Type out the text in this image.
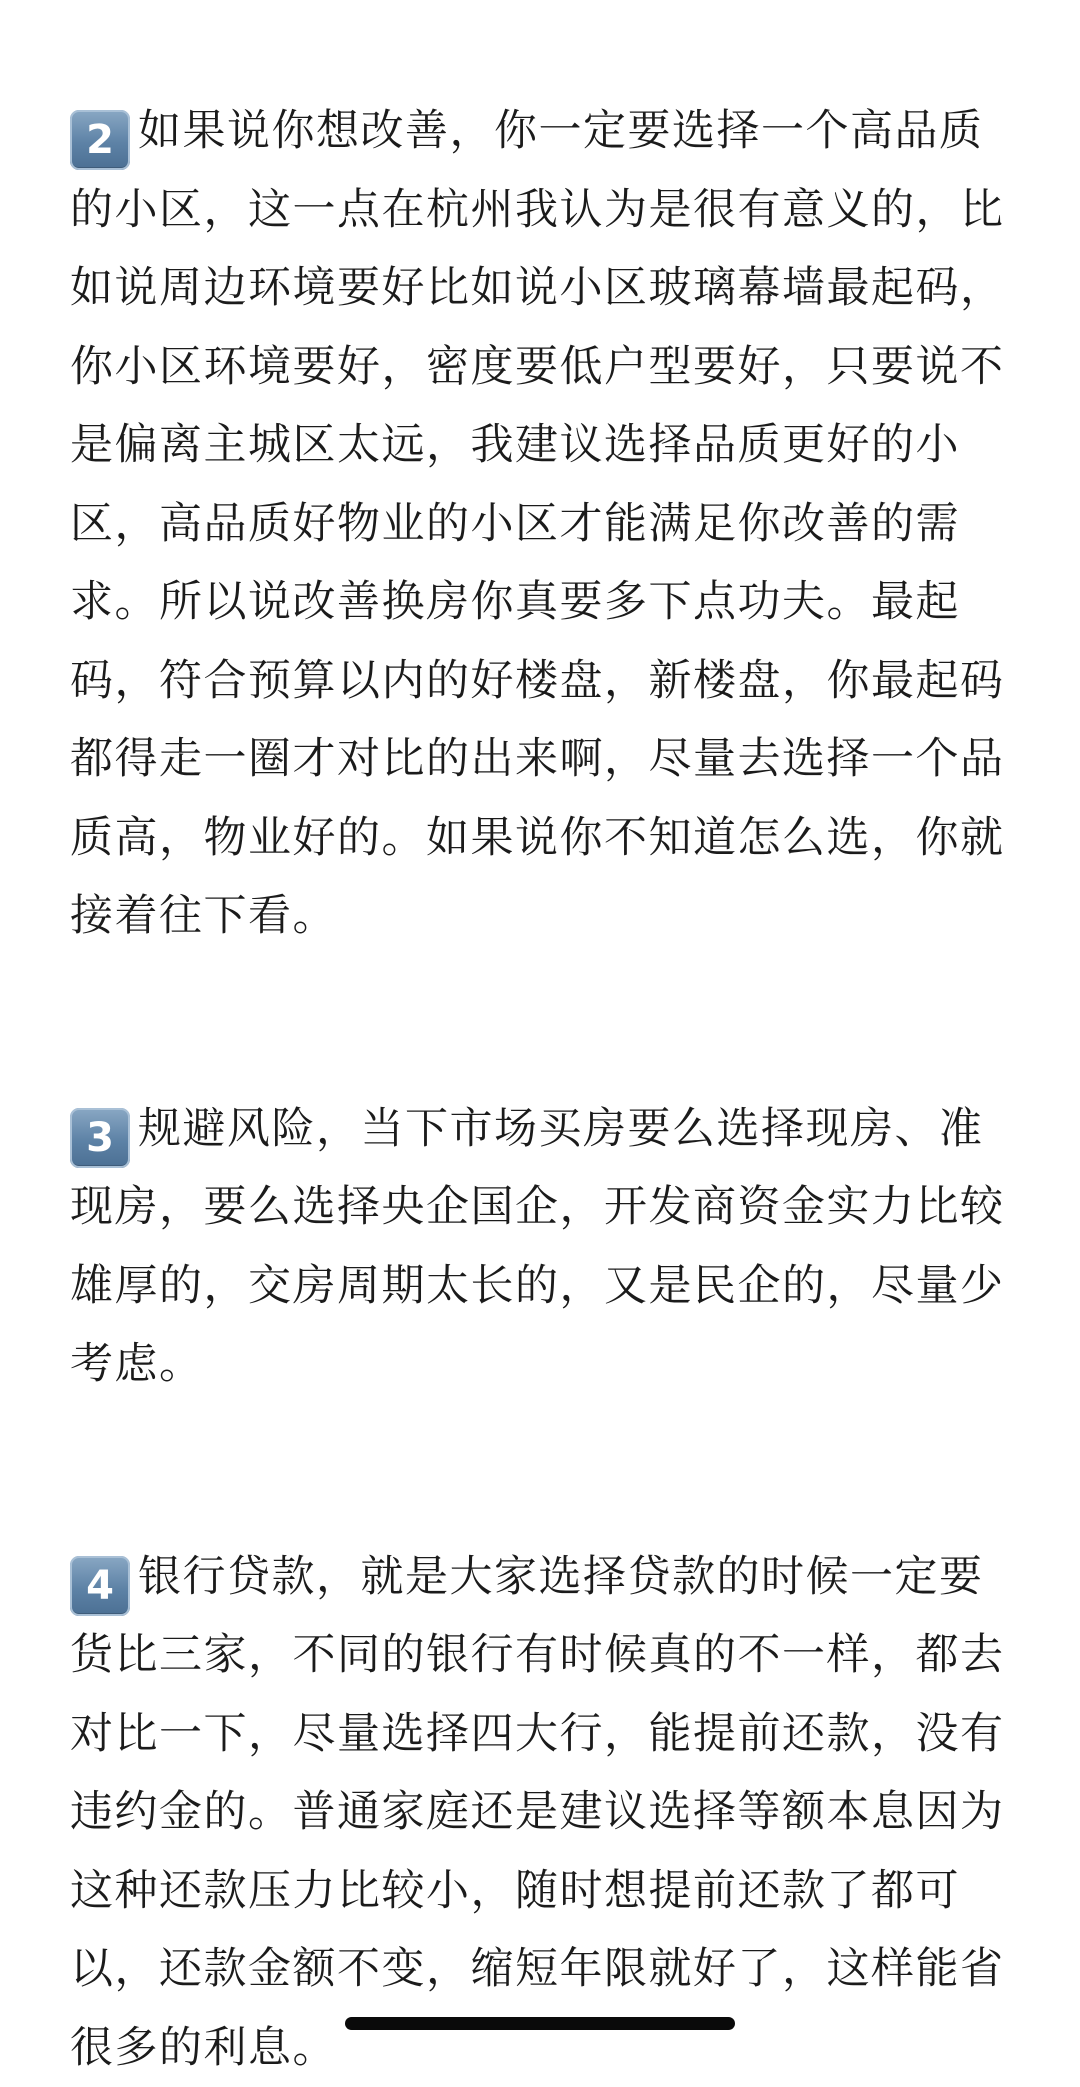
2 如果说你想改善，你一定要选择一个高品质的小区，这一点在杭州我认为是很有意义的，比如说周边环境要好比如说小区玻璃幕墙最起码，你小区环境要好，密度要低户型要好，只要说不是偏离主城区太远，我建议选择品质更好的小区，高品质好物业的小区才能满足你改善的需求。所以说改善换房你真要多下点功夫。最起码，符合预算以内的好楼盘，新楼盘，你最起码都得走一圈才对比的出来啊，尽量去选择一个品质高，物业好的。如果说你不知道怎么选，你就接着往下看。

3 规避风险，当下市场买房要么选择现房、准现房，要么选择央企国企，开发商资金实力比较雄厚的，交房周期太长的，又是民企的，尽量少考虑。

4 银行贷款，就是大家选择贷款的时候一定要货比三家，不同的银行有时候真的不一样，都去对比一下，尽量选择四大行，能提前还款，没有违约金的。普通家庭还是建议选择等额本息因为这种还款压力比较小，随时想提前还款了都可以，还款金额不变，缩短年限就好了，这样能省很多的利息。
